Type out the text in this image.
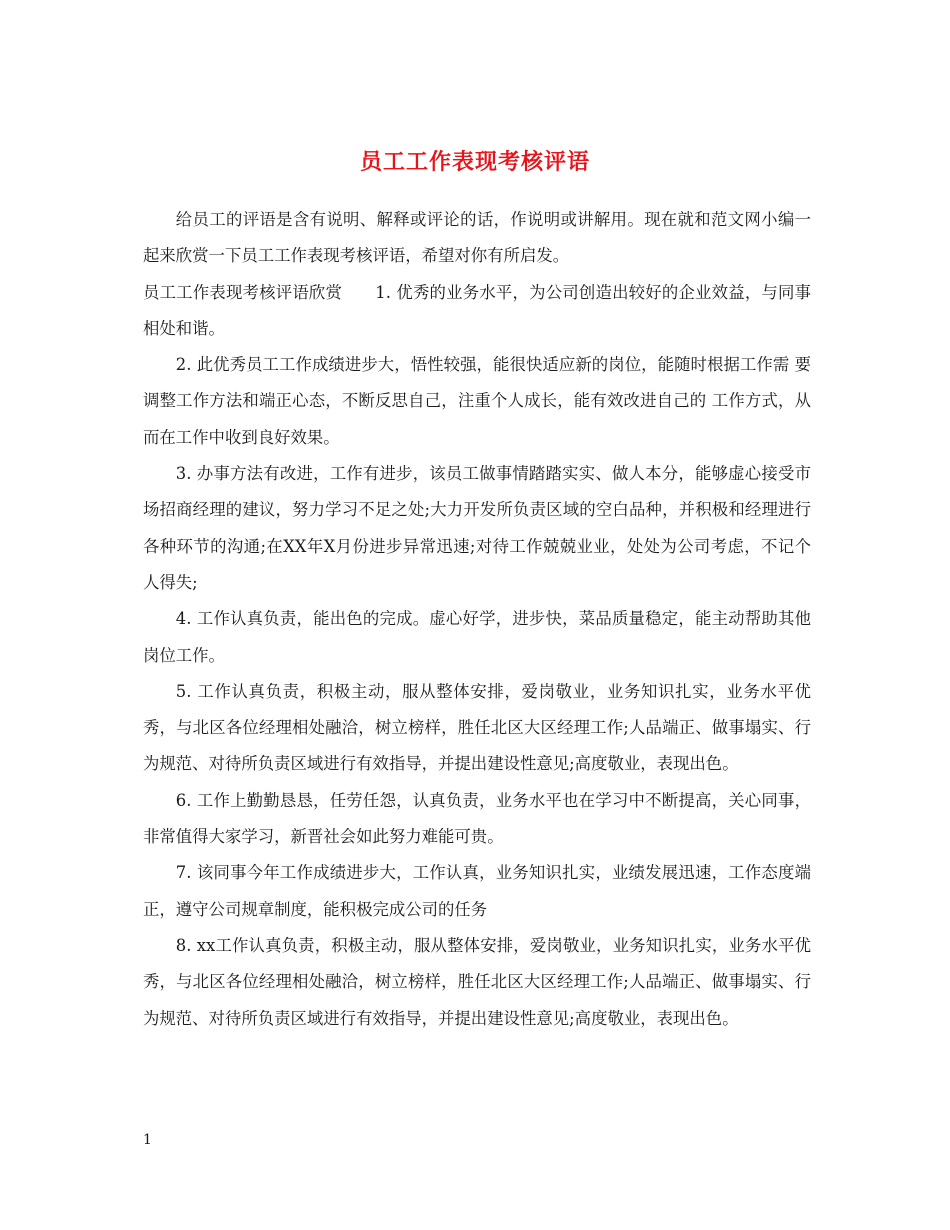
员工工作表现考核评语

给员工的评语是含有说明、解释或评论的话，作说明或讲解用。现在就和范文网小编一起来欣赏一下员工工作表现考核评语，希望对你有所启发。

员工工作表现考核评语欣赏　　1. 优秀的业务水平，为公司创造出较好的企业效益，与同事相处和谐。

2. 此优秀员工工作成绩进步大，悟性较强，能很快适应新的岗位，能随时根据工作需 要调整工作方法和端正心态，不断反思自己，注重个人成长，能有效改进自己的 工作方式，从而在工作中收到良好效果。

3. 办事方法有改进，工作有进步，该员工做事情踏踏实实、做人本分，能够虚心接受市场招商经理的建议，努力学习不足之处;大力开发所负责区域的空白品种，并积极和经理进行各种环节的沟通;在XX年X月份进步异常迅速;对待工作兢兢业业，处处为公司考虑，不记个人得失;

4. 工作认真负责，能出色的完成。虚心好学，进步快，菜品质量稳定，能主动帮助其他岗位工作。

5. 工作认真负责，积极主动，服从整体安排，爱岗敬业，业务知识扎实，业务水平优秀，与北区各位经理相处融洽，树立榜样，胜任北区大区经理工作;人品端正、做事塌实、行为规范、对待所负责区域进行有效指导，并提出建设性意见;高度敬业，表现出色。

6. 工作上勤勤恳恳，任劳任怨，认真负责，业务水平也在学习中不断提高，关心同事，非常值得大家学习，新晋社会如此努力难能可贵。

7. 该同事今年工作成绩进步大，工作认真，业务知识扎实，业绩发展迅速，工作态度端正，遵守公司规章制度，能积极完成公司的任务

8. xx工作认真负责，积极主动，服从整体安排，爱岗敬业，业务知识扎实，业务水平优秀，与北区各位经理相处融洽，树立榜样，胜任北区大区经理工作;人品端正、做事塌实、行为规范、对待所负责区域进行有效指导，并提出建设性意见;高度敬业，表现出色。

1
